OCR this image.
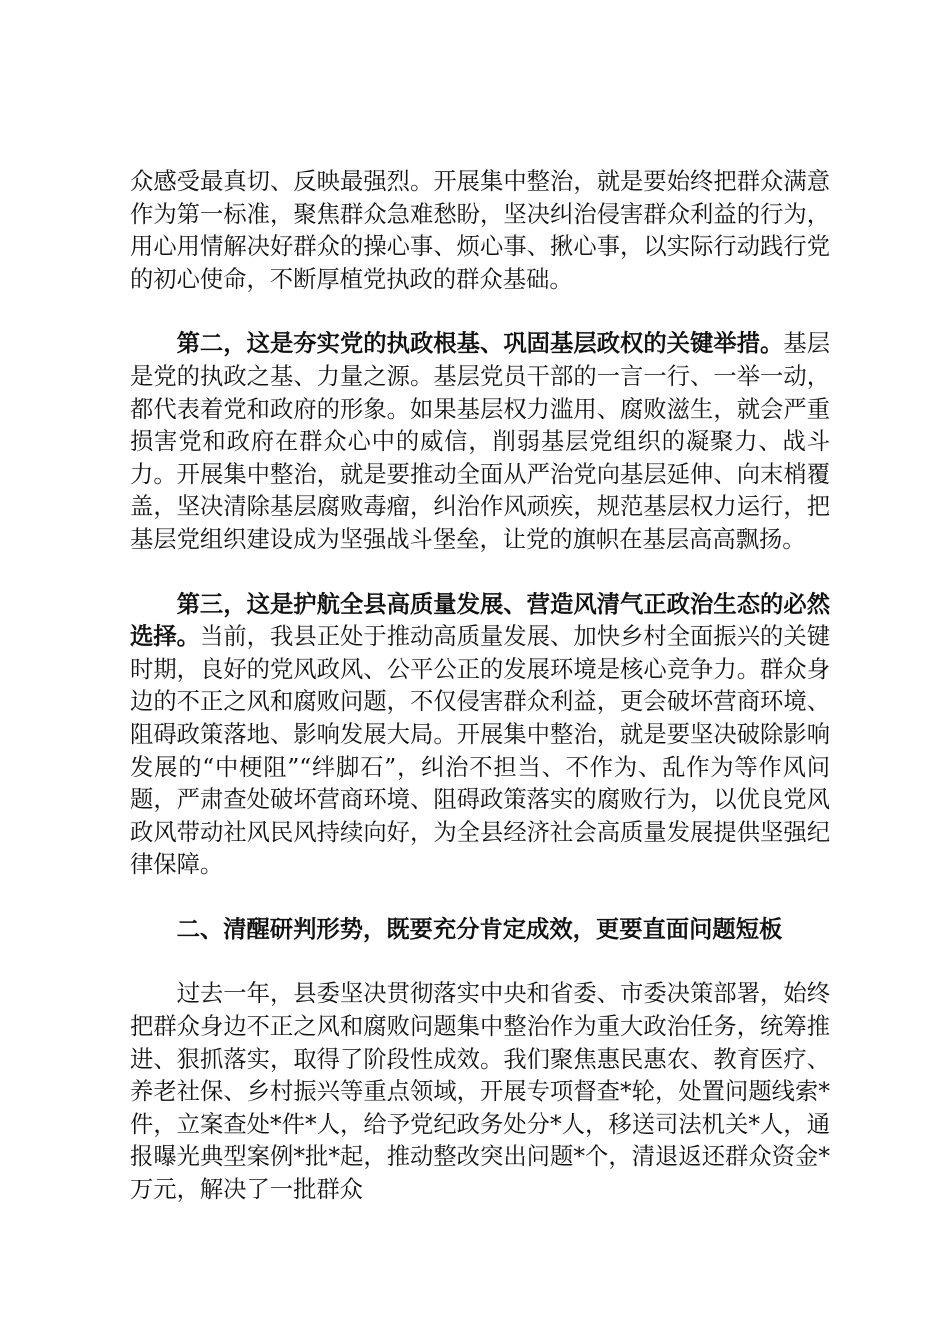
众感受最真切、反映最强烈。开展集中整治，就是要始终把群众满意作为第一标准，聚焦群众急难愁盼，坚决纠治侵害群众利益的行为，用心用情解决好群众的操心事、烦心事、揪心事，以实际行动践行党的初心使命，不断厚植党执政的群众基础。

第二，这是夯实党的执政根基、巩固基层政权的关键举措。基层是党的执政之基、力量之源。基层党员干部的一言一行、一举一动，都代表着党和政府的形象。如果基层权力滥用、腐败滋生，就会严重损害党和政府在群众心中的威信，削弱基层党组织的凝聚力、战斗力。开展集中整治，就是要推动全面从严治党向基层延伸、向末梢覆盖，坚决清除基层腐败毒瘤，纠治作风顽疾，规范基层权力运行，把基层党组织建设成为坚强战斗堡垒，让党的旗帜在基层高高飘扬。

第三，这是护航全县高质量发展、营造风清气正政治生态的必然选择。当前，我县正处于推动高质量发展、加快乡村全面振兴的关键时期，良好的党风政风、公平公正的发展环境是核心竞争力。群众身边的不正之风和腐败问题，不仅侵害群众利益，更会破坏营商环境、阻碍政策落地、影响发展大局。开展集中整治，就是要坚决破除影响发展的“中梗阻”“绊脚石”，纠治不担当、不作为、乱作为等作风问题，严肃查处破坏营商环境、阻碍政策落实的腐败行为，以优良党风政风带动社风民风持续向好，为全县经济社会高质量发展提供坚强纪律保障。

二、清醒研判形势，既要充分肯定成效，更要直面问题短板

过去一年，县委坚决贯彻落实中央和省委、市委决策部署，始终把群众身边不正之风和腐败问题集中整治作为重大政治任务，统筹推进、狠抓落实，取得了阶段性成效。我们聚焦惠民惠农、教育医疗、养老社保、乡村振兴等重点领域，开展专项督查*轮，处置问题线索*件，立案查处*件*人，给予党纪政务处分*人，移送司法机关*人，通报曝光典型案例*批*起，推动整改突出问题*个，清退返还群众资金*万元，解决了一批群众
